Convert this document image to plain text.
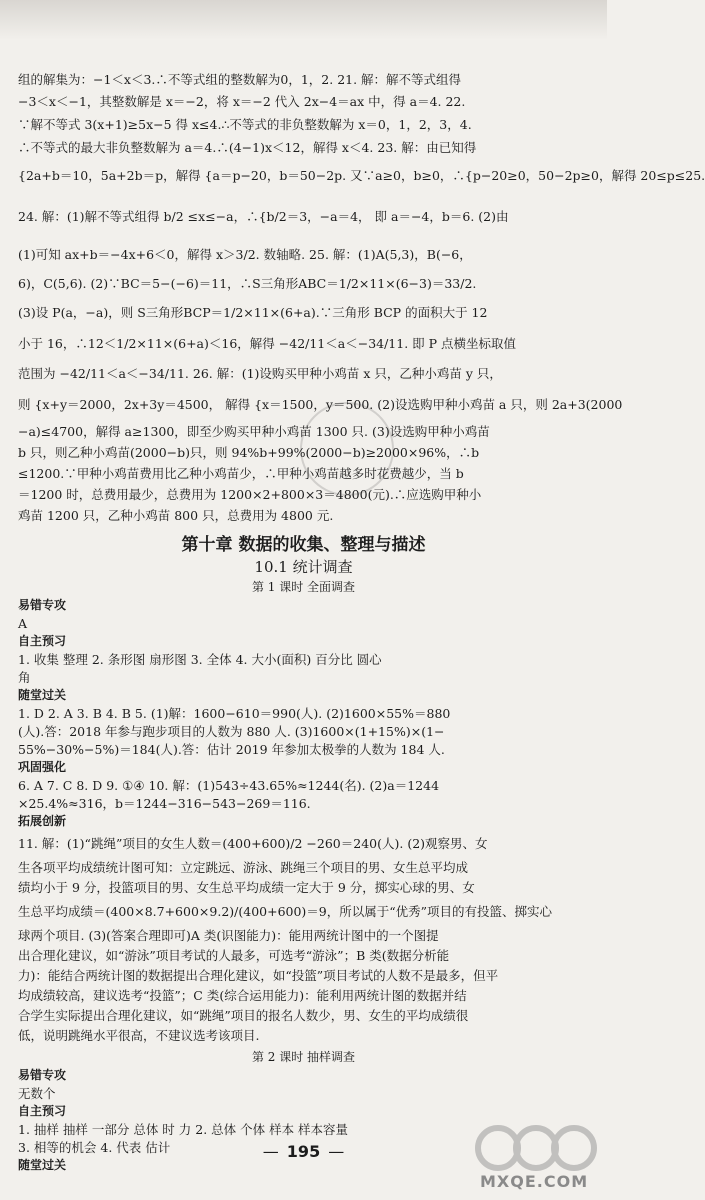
组的解集为：−1＜x＜3.∴不等式组的整数解为0，1，2. 21. 解：解不等式组得
−3＜x＜−1，其整数解是 x＝−2，将 x＝−2 代入 2x−4＝ax 中，得 a＝4. 22.
∵解不等式 3(x+1)≥5x−5 得 x≤4.∴不等式的非负整数解为 x＝0，1，2，3，4.
∴不等式的最大非负整数解为 a＝4.∴(4−1)x＜12，解得 x＜4. 23. 解：由已知得
{2a+b＝10，5a+2b＝p，解得 {a＝p−20，b＝50−2p. 又∵a≥0，b≥0，∴{p−20≥0，50−2p≥0，解得 20≤p≤25.
24. 解：(1)解不等式组得 b/2 ≤x≤−a，∴{b/2＝3，−a＝4， 即 a＝−4，b＝6. (2)由
(1)可知 ax+b＝−4x+6＜0，解得 x＞3/2. 数轴略. 25. 解：(1)A(5,3)，B(−6，
6)，C(5,6). (2)∵BC＝5−(−6)＝11，∴S三角形ABC＝1/2×11×(6−3)＝33/2.
(3)设 P(a，−a)，则 S三角形BCP＝1/2×11×(6+a).∵三角形 BCP 的面积大于 12
小于 16，∴12＜1/2×11×(6+a)＜16，解得 −42/11＜a＜−34/11. 即 P 点横坐标取值
范围为 −42/11＜a＜−34/11. 26. 解：(1)设购买甲种小鸡苗 x 只，乙种小鸡苗 y 只，
则 {x+y＝2000，2x+3y＝4500， 解得 {x＝1500，y＝500. (2)设选购甲种小鸡苗 a 只，则 2a+3(2000
−a)≤4700，解得 a≥1300，即至少购买甲种小鸡苗 1300 只. (3)设选购甲种小鸡苗
b 只，则乙种小鸡苗(2000−b)只，则 94%b+99%(2000−b)≥2000×96%，∴b
≤1200.∵甲种小鸡苗费用比乙种小鸡苗少，∴甲种小鸡苗越多时花费越少，当 b
＝1200 时，总费用最少，总费用为 1200×2+800×3＝4800(元).∴应选购甲种小
鸡苗 1200 只，乙种小鸡苗 800 只，总费用为 4800 元.
第十章 数据的收集、整理与描述
10.1 统计调查
第 1 课时 全面调查
易错专攻
A
自主预习
1. 收集 整理 2. 条形图 扇形图 3. 全体 4. 大小(面积) 百分比 圆心
角
随堂过关
1. D 2. A 3. B 4. B 5. (1)解：1600−610＝990(人). (2)1600×55%＝880
(人).答：2018 年参与跑步项目的人数为 880 人. (3)1600×(1+15%)×(1−
55%−30%−5%)＝184(人).答：估计 2019 年参加太极拳的人数为 184 人.
巩固强化
6. A 7. C 8. D 9. ①④ 10. 解：(1)543÷43.65%≈1244(名). (2)a＝1244
×25.4%≈316，b＝1244−316−543−269＝116.
拓展创新
11. 解：(1)“跳绳”项目的女生人数＝(400+600)/2 −260＝240(人). (2)观察男、女
生各项平均成绩统计图可知：立定跳远、游泳、跳绳三个项目的男、女生总平均成
绩均小于 9 分，投篮项目的男、女生总平均成绩一定大于 9 分，掷实心球的男、女
生总平均成绩＝(400×8.7+600×9.2)/(400+600)＝9，所以属于“优秀”项目的有投篮、掷实心
球两个项目. (3)(答案合理即可)A 类(识图能力)：能用两统计图中的一个图提
出合理化建议，如“游泳”项目考试的人最多，可选考“游泳”；B 类(数据分析能
力)：能结合两统计图的数据提出合理化建议，如“投篮”项目考试的人数不是最多，但平
均成绩较高，建议选考“投篮”；C 类(综合运用能力)：能利用两统计图的数据并结
合学生实际提出合理化建议，如“跳绳”项目的报名人数少，男、女生的平均成绩很
低，说明跳绳水平很高，不建议选考该项目.
第 2 课时 抽样调查
易错专攻
无数个
自主预习
1. 抽样 抽样 一部分 总体 时 力 2. 总体 个体 样本 样本容量
3. 相等的机会 4. 代表 估计
随堂过关
— 195 —
MXQE.COM
